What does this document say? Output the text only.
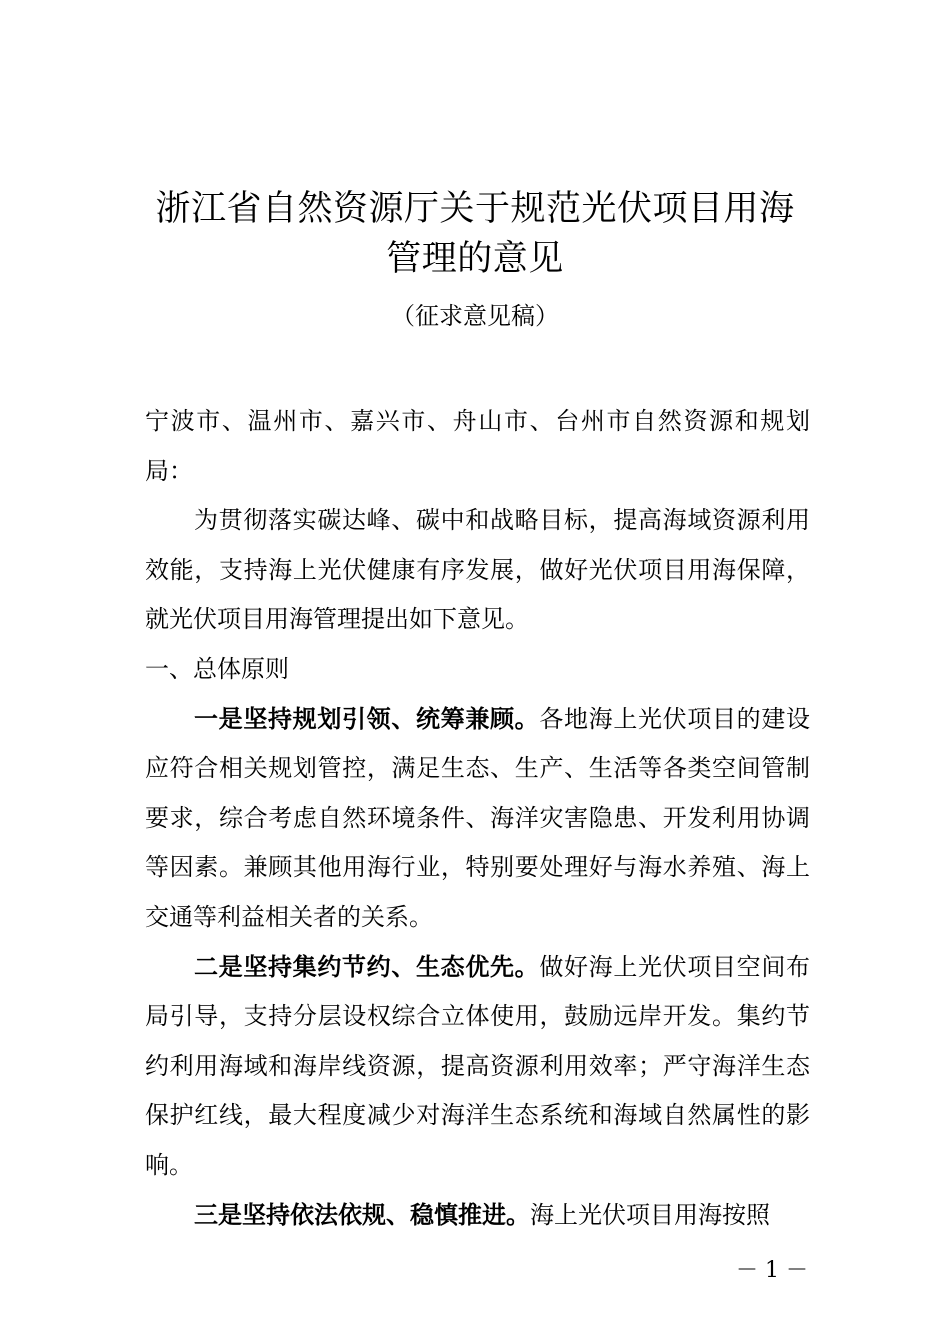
浙江省自然资源厅关于规范光伏项目用海
管理的意见

（征求意见稿）

宁波市、温州市、嘉兴市、舟山市、台州市自然资源和规划局：

为贯彻落实碳达峰、碳中和战略目标，提高海域资源利用效能，支持海上光伏健康有序发展，做好光伏项目用海保障，就光伏项目用海管理提出如下意见。

一、总体原则

一是坚持规划引领、统筹兼顾。各地海上光伏项目的建设应符合相关规划管控，满足生态、生产、生活等各类空间管制要求，综合考虑自然环境条件、海洋灾害隐患、开发利用协调等因素。兼顾其他用海行业，特别要处理好与海水养殖、海上交通等利益相关者的关系。

二是坚持集约节约、生态优先。做好海上光伏项目空间布局引导，支持分层设权综合立体使用，鼓励远岸开发。集约节约利用海域和海岸线资源，提高资源利用效率；严守海洋生态保护红线，最大程度减少对海洋生态系统和海域自然属性的影响。

三是坚持依法依规、稳慎推进。海上光伏项目用海按照

－ 1 －
